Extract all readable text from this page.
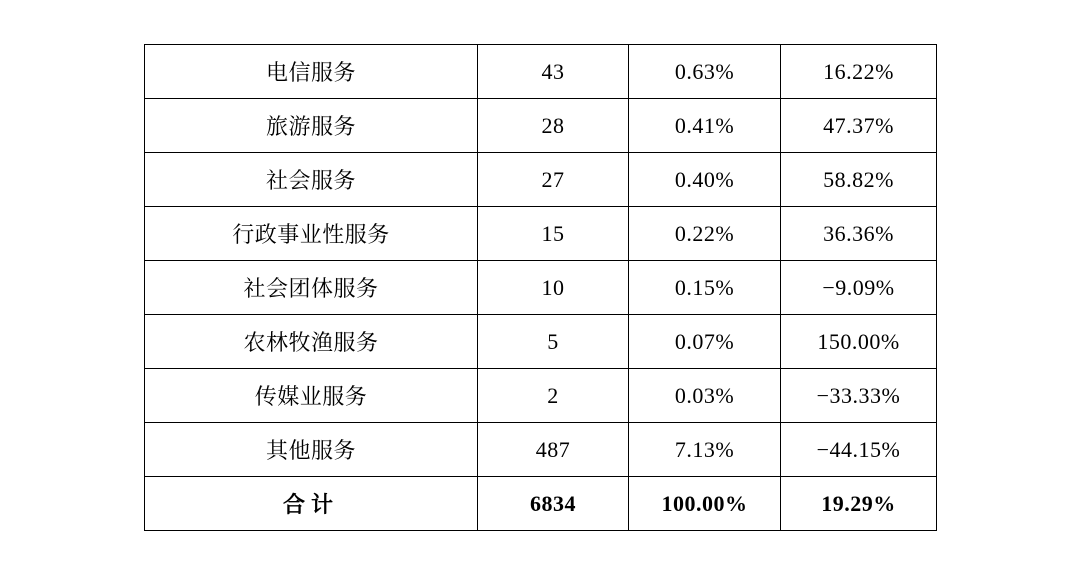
电信服务	43	0.63%	16.22%
旅游服务	28	0.41%	47.37%
社会服务	27	0.40%	58.82%
行政事业性服务	15	0.22%	36.36%
社会团体服务	10	0.15%	−9.09%
农林牧渔服务	5	0.07%	150.00%
传媒业服务	2	0.03%	−33.33%
其他服务	487	7.13%	−44.15%
合计	6834	100.00%	19.29%
